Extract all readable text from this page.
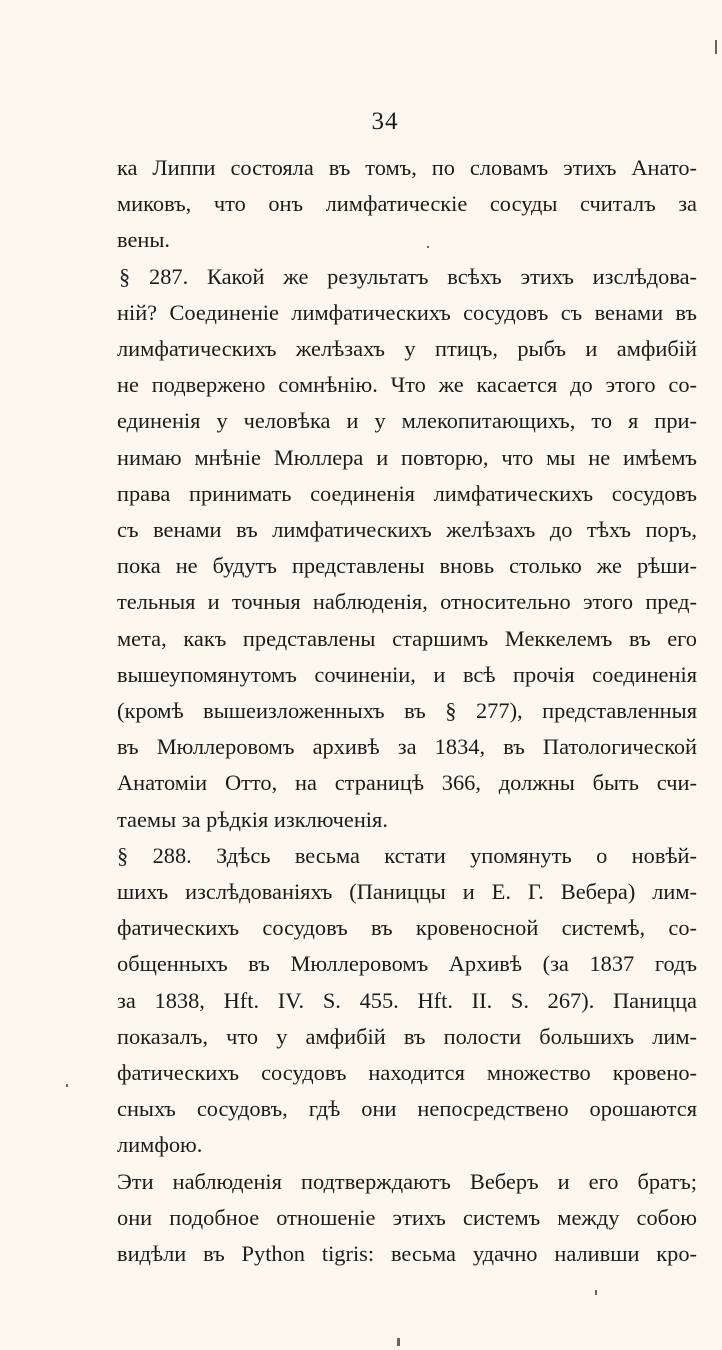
34
ка Липпи состояла въ томъ, по словамъ этихъ Анато-
миковъ, что онъ лимфатическiе сосуды считалъ за
вены.
§ 287. Какой же результатъ всѣхъ этихъ изслѣдова-
нiй? Соединенiе лимфатическихъ сосудовъ съ венами въ
лимфатическихъ желѣзахъ у птицъ, рыбъ и амфибiй
не подвержено сомнѣнiю. Что же касается до этого со-
единенiя у человѣка и у млекопитающихъ, то я при-
нимаю мнѣнiе Мюллера и повторю, что мы не имѣемъ
права принимать соединенiя лимфатическихъ сосудовъ
съ венами въ лимфатическихъ желѣзахъ до тѣхъ поръ,
пока не будутъ представлены вновь столько же рѣши-
тельныя и точныя наблюденiя, относительно этого пред-
мета, какъ представлены старшимъ Меккелемъ въ его
вышеупомянутомъ сочиненiи, и всѣ прочiя соединенiя
(кромѣ вышеизложенныхъ въ § 277), представленныя
въ Мюллеровомъ архивѣ за 1834, въ Патологической
Анатомiи Отто, на страницѣ 366, должны быть счи-
таемы за рѣдкiя изключенiя.
§ 288. Здѣсь весьма кстати упомянуть о новѣй-
шихъ изслѣдованiяхъ (Паниццы и Е. Г. Вебера) лим-
фатическихъ сосудовъ въ кровеносной системѣ, со-
общенныхъ въ Мюллеровомъ Архивѣ (за 1837 годъ
за 1838, Hft. IV. S. 455. Hft. II. S. 267). Паницца
показалъ, что у амфибiй въ полости большихъ лим-
фатическихъ сосудовъ находится множество кровено-
сныхъ сосудовъ, гдѣ они непосредствено орошаются
лимфою.
Эти наблюденiя подтверждаютъ Веберъ и его братъ;
они подобное отношенiе этихъ системъ между собою
видѣли въ Python tigris: весьма удачно наливши кро-
